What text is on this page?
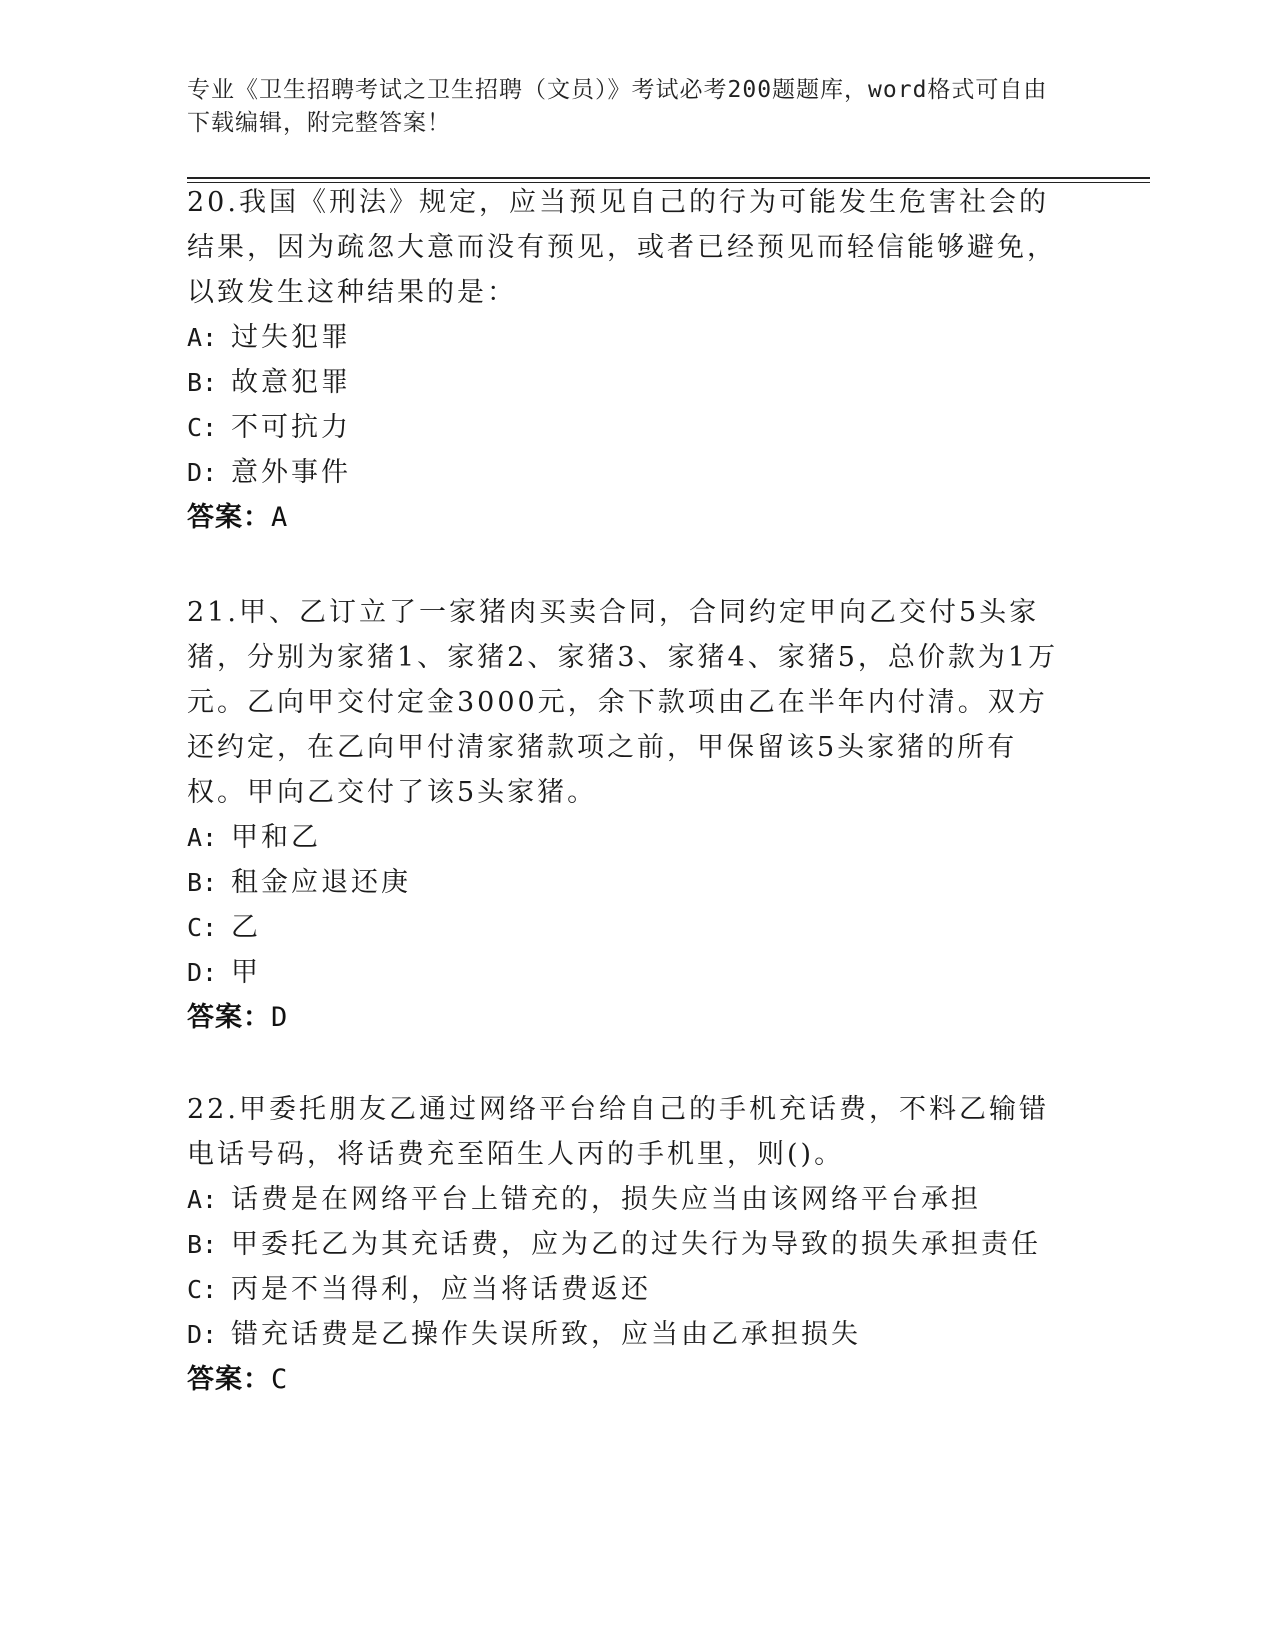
专业《卫生招聘考试之卫生招聘（文员）》考试必考200题题库，word格式可自由下载编辑，附完整答案！

20.我国《刑法》规定，应当预见自己的行为可能发生危害社会的结果，因为疏忽大意而没有预见，或者已经预见而轻信能够避免，以致发生这种结果的是：

A: 过失犯罪

B: 故意犯罪

C: 不可抗力

D: 意外事件

答案：A

21.甲、乙订立了一家猪肉买卖合同，合同约定甲向乙交付5头家猪，分别为家猪1、家猪2、家猪3、家猪4、家猪5，总价款为1万元。乙向甲交付定金3000元，余下款项由乙在半年内付清。双方还约定，在乙向甲付清家猪款项之前，甲保留该5头家猪的所有权。甲向乙交付了该5头家猪。

A: 甲和乙

B: 租金应退还庚

C: 乙

D: 甲

答案：D

22.甲委托朋友乙通过网络平台给自己的手机充话费，不料乙输错电话号码，将话费充至陌生人丙的手机里，则()。

A: 话费是在网络平台上错充的，损失应当由该网络平台承担

B: 甲委托乙为其充话费，应为乙的过失行为导致的损失承担责任

C: 丙是不当得利，应当将话费返还

D: 错充话费是乙操作失误所致，应当由乙承担损失

答案：C
